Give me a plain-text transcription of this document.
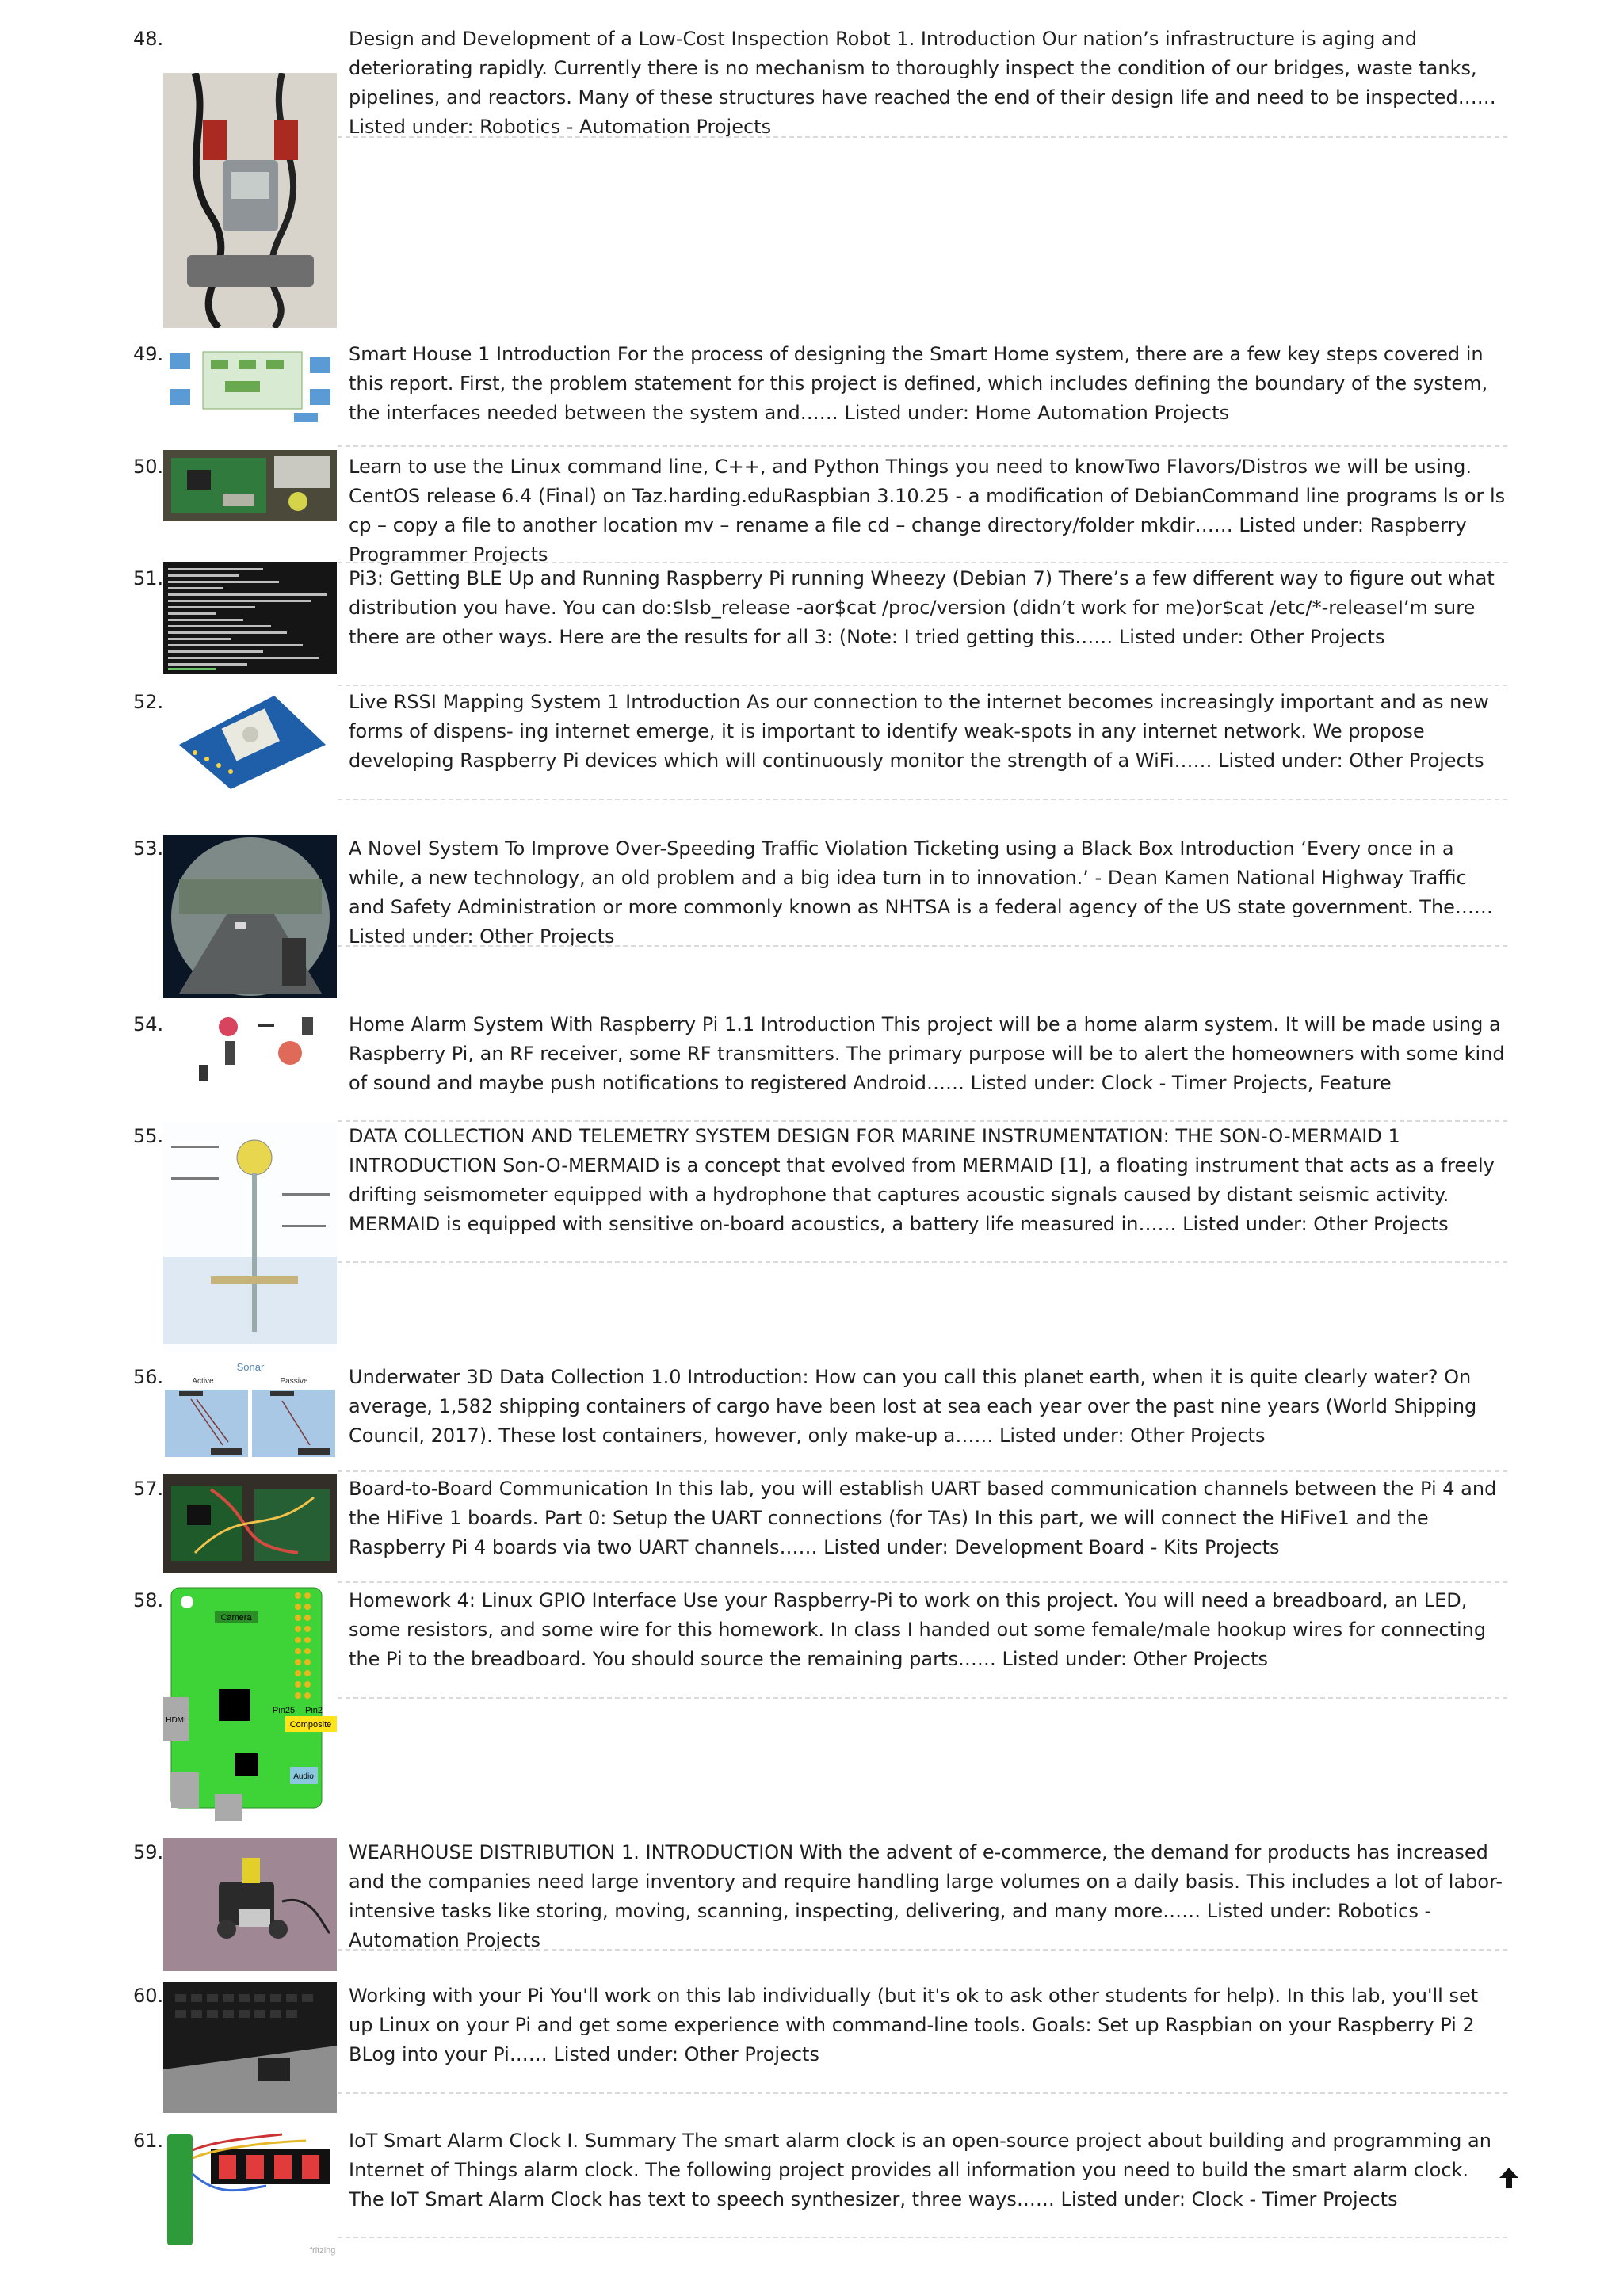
48.	Design and Development of a Low-Cost Inspection Robot 1. Introduction Our nation’s infrastructure is aging and deteriorating rapidly. Currently there is no mechanism to thoroughly inspect the condition of our bridges, waste tanks, pipelines, and reactors. Many of these structures have reached the end of their design life and need to be inspected…… Listed under: Robotics - Automation Projects
49.	Smart House 1 Introduction For the process of designing the Smart Home system, there are a few key steps covered in this report. First, the problem statement for this project is defined, which includes defining the boundary of the system, the interfaces needed between the system and…… Listed under: Home Automation Projects
50.	Learn to use the Linux command line, C++, and Python Things you need to knowTwo Flavors/Distros we will be using. CentOS release 6.4 (Final) on Taz.harding.eduRaspbian 3.10.25 - a modification of DebianCommand line programs ls or ls cp – copy a file to another location mv – rename a file cd – change directory/folder mkdir…… Listed under: Raspberry Programmer Projects
51.	Pi3: Getting BLE Up and Running Raspberry Pi running Wheezy (Debian 7) There’s a few different way to figure out what distribution you have. You can do:$lsb_release -aor$cat /proc/version (didn’t work for me)or$cat /etc/*-releaseI’m sure there are other ways. Here are the results for all 3: (Note: I tried getting this…… Listed under: Other Projects
52.	Live RSSI Mapping System 1 Introduction As our connection to the internet becomes increasingly important and as new forms of dispens- ing internet emerge, it is important to identify weak-spots in any internet network. We propose developing Raspberry Pi devices which will continuously monitor the strength of a WiFi…… Listed under: Other Projects
53.	A Novel System To Improve Over-Speeding Traffic Violation Ticketing using a Black Box Introduction ‘Every once in a while, a new technology, an old problem and a big idea turn in to innovation.’ - Dean Kamen National Highway Traffic and Safety Administration or more commonly known as NHTSA is a federal agency of the US state government. The…… Listed under: Other Projects
54.	Home Alarm System With Raspberry Pi 1.1 Introduction This project will be a home alarm system. It will be made using a Raspberry Pi, an RF receiver, some RF transmitters. The primary purpose will be to alert the homeowners with some kind of sound and maybe push notifications to registered Android…… Listed under: Clock - Timer Projects, Feature
55.	DATA COLLECTION AND TELEMETRY SYSTEM DESIGN FOR MARINE INSTRUMENTATION: THE SON-O-MERMAID 1 INTRODUCTION Son-O-MERMAID is a concept that evolved from MERMAID [1], a floating instrument that acts as a freely drifting seismometer equipped with a hydrophone that captures acoustic signals caused by distant seismic activity. MERMAID is equipped with sensitive on-board acoustics, a battery life measured in…… Listed under: Other Projects
56.	Sonar
Active	Passive Underwater 3D Data Collection 1.0 Introduction: How can you call this planet earth, when it is quite clearly water? On average, 1,582 shipping containers of cargo have been lost at sea each year over the past nine years (World Shipping Council, 2017). These lost containers, however, only make-up a…… Listed under: Other Projects
57.	Board-to-Board Communication In this lab, you will establish UART based communication channels between the Pi 4 and the HiFive 1 boards. Part 0: Setup the UART connections (for TAs) In this part, we will connect the HiFive1 and the Raspberry Pi 4 boards via two UART channels…… Listed under: Development Board - Kits Projects
58.
Camera
HDMI
Pin25 Pin2
Composite
Audio
Homework 4: Linux GPIO Interface Use your Raspberry-Pi to work on this project. You will need a breadboard, an LED, some resistors, and some wire for this homework. In class I handed out some female/male hookup wires for connecting the Pi to the breadboard. You should source the remaining parts…… Listed under: Other Projects
59.	WEARHOUSE DISTRIBUTION 1. INTRODUCTION With the advent of e-commerce, the demand for products has increased and the companies need large inventory and require handling large volumes on a daily basis. This includes a lot of labor- intensive tasks like storing, moving, scanning, inspecting, delivering, and many more…… Listed under: Robotics - Automation Projects
60.	Working with your Pi You'll work on this lab individually (but it's ok to ask other students for help). In this lab, you'll set up Linux on your Pi and get some experience with command-line tools. Goals: Set up Raspbian on your Raspberry Pi 2 BLog into your Pi…… Listed under: Other Projects
61.
fritzing
IoT Smart Alarm Clock I. Summary The smart alarm clock is an open-source project about building and programming an Internet of Things alarm clock. The following project provides all information you need to build the smart alarm clock. The IoT Smart Alarm Clock has text to speech synthesizer, three ways…… Listed under: Clock - Timer Projects
